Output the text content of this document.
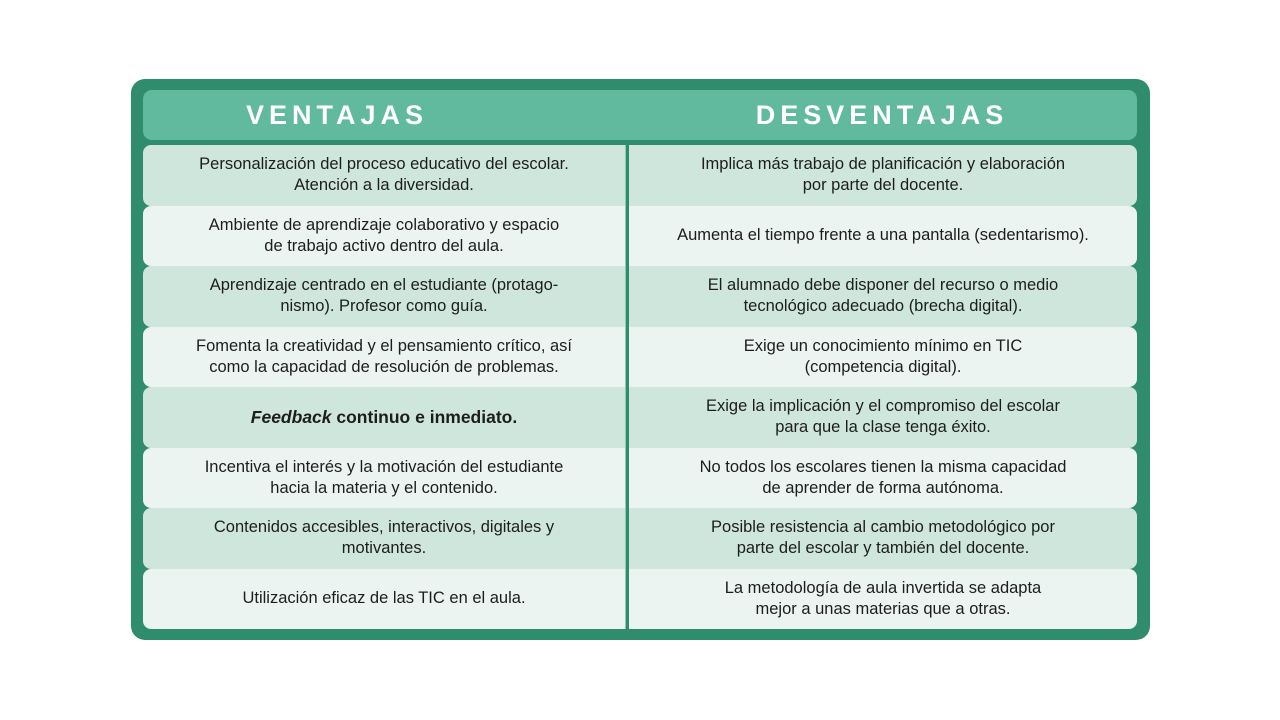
VENTAJAS	DESVENTAJAS
Personalización del proceso educativo del escolar.
Atención a la diversidad.
Implica más trabajo de planificación y elaboración
por parte del docente.
Ambiente de aprendizaje colaborativo y espacio
de trabajo activo dentro del aula.
Aumenta el tiempo frente a una pantalla (sedentarismo).
Aprendizaje centrado en el estudiante (protago-
nismo). Profesor como guía.
El alumnado debe disponer del recurso o medio
tecnológico adecuado (brecha digital).
Fomenta la creatividad y el pensamiento crítico, así
como la capacidad de resolución de problemas.
Exige un conocimiento mínimo en TIC
(competencia digital).
Feedback continuo e inmediato.
Exige la implicación y el compromiso del escolar
para que la clase tenga éxito.
Incentiva el interés y la motivación del estudiante
hacia la materia y el contenido.
No todos los escolares tienen la misma capacidad
de aprender de forma autónoma.
Contenidos accesibles, interactivos, digitales y
motivantes.
Posible resistencia al cambio metodológico por
parte del escolar y también del docente.
Utilización eficaz de las TIC en el aula.
La metodología de aula invertida se adapta
mejor a unas materias que a otras.
